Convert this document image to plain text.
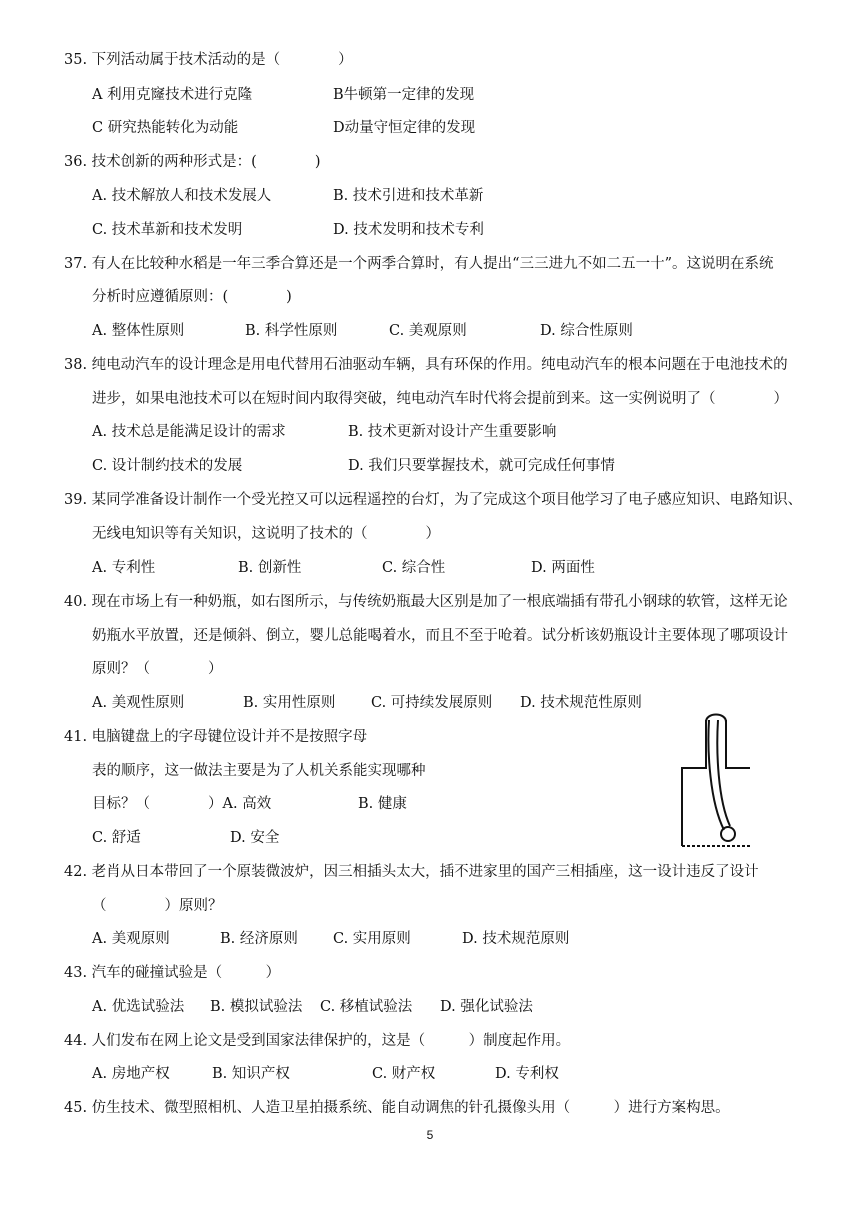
35. 下列活动属于技术活动的是（　　　　）
A 利用克窿技术进行克隆	B牛顿第一定律的发现
C 研究热能转化为动能	D动量守恒定律的发现
36. 技术创新的两种形式是：(　　　　)
A. 技术解放人和技术发展人	B. 技术引进和技术革新
C. 技术革新和技术发明	D. 技术发明和技术专利
37. 有人在比较种水稻是一年三季合算还是一个两季合算时，有人提出“三三进九不如二五一十”。这说明在系统
分析时应遵循原则：(　　　　)
A. 整体性原则	B. 科学性原则	C. 美观原则	D. 综合性原则
38. 纯电动汽车的设计理念是用电代替用石油驱动车辆，具有环保的作用。纯电动汽车的根本问题在于电池技术的
进步，如果电池技术可以在短时间内取得突破，纯电动汽车时代将会提前到来。这一实例说明了（　　　　）
A. 技术总是能满足设计的需求	B. 技术更新对设计产生重要影响
C. 设计制约技术的发展	D. 我们只要掌握技术，就可完成任何事情
39. 某同学准备设计制作一个受光控又可以远程遥控的台灯，为了完成这个项目他学习了电子感应知识、电路知识、
无线电知识等有关知识，这说明了技术的（　　　　）
A. 专利性	B. 创新性	C. 综合性	D. 两面性
40. 现在市场上有一种奶瓶，如右图所示，与传统奶瓶最大区别是加了一根底端插有带孔小钢球的软管，这样无论
奶瓶水平放置，还是倾斜、倒立，婴儿总能喝着水，而且不至于呛着。试分析该奶瓶设计主要体现了哪项设计
原则？（　　　　）
A. 美观性原则	B. 实用性原则 C. 可持续发展原则 D. 技术规范性原则
41. 电脑键盘上的字母键位设计并不是按照字母
表的顺序，这一做法主要是为了人机关系能实现哪种
目标？（　　　　）A. 高效	B. 健康
C. 舒适	D. 安全
42. 老肖从日本带回了一个原装微波炉，因三相插头太大，插不进家里的国产三相插座，这一设计违反了设计
（　　　　）原则？
A. 美观原则	B. 经济原则 C. 实用原则	D. 技术规范原则
43. 汽车的碰撞试验是（　　　）
A. 优选试验法 B. 模拟试验法 C. 移植试验法 D. 强化试验法
44. 人们发布在网上论文是受到国家法律保护的，这是（　　　）制度起作用。
A. 房地产权	B. 知识产权	C. 财产权	D. 专利权
45. 仿生技术、微型照相机、人造卫星拍摄系统、能自动调焦的针孔摄像头用（　　　）进行方案构思。
5
